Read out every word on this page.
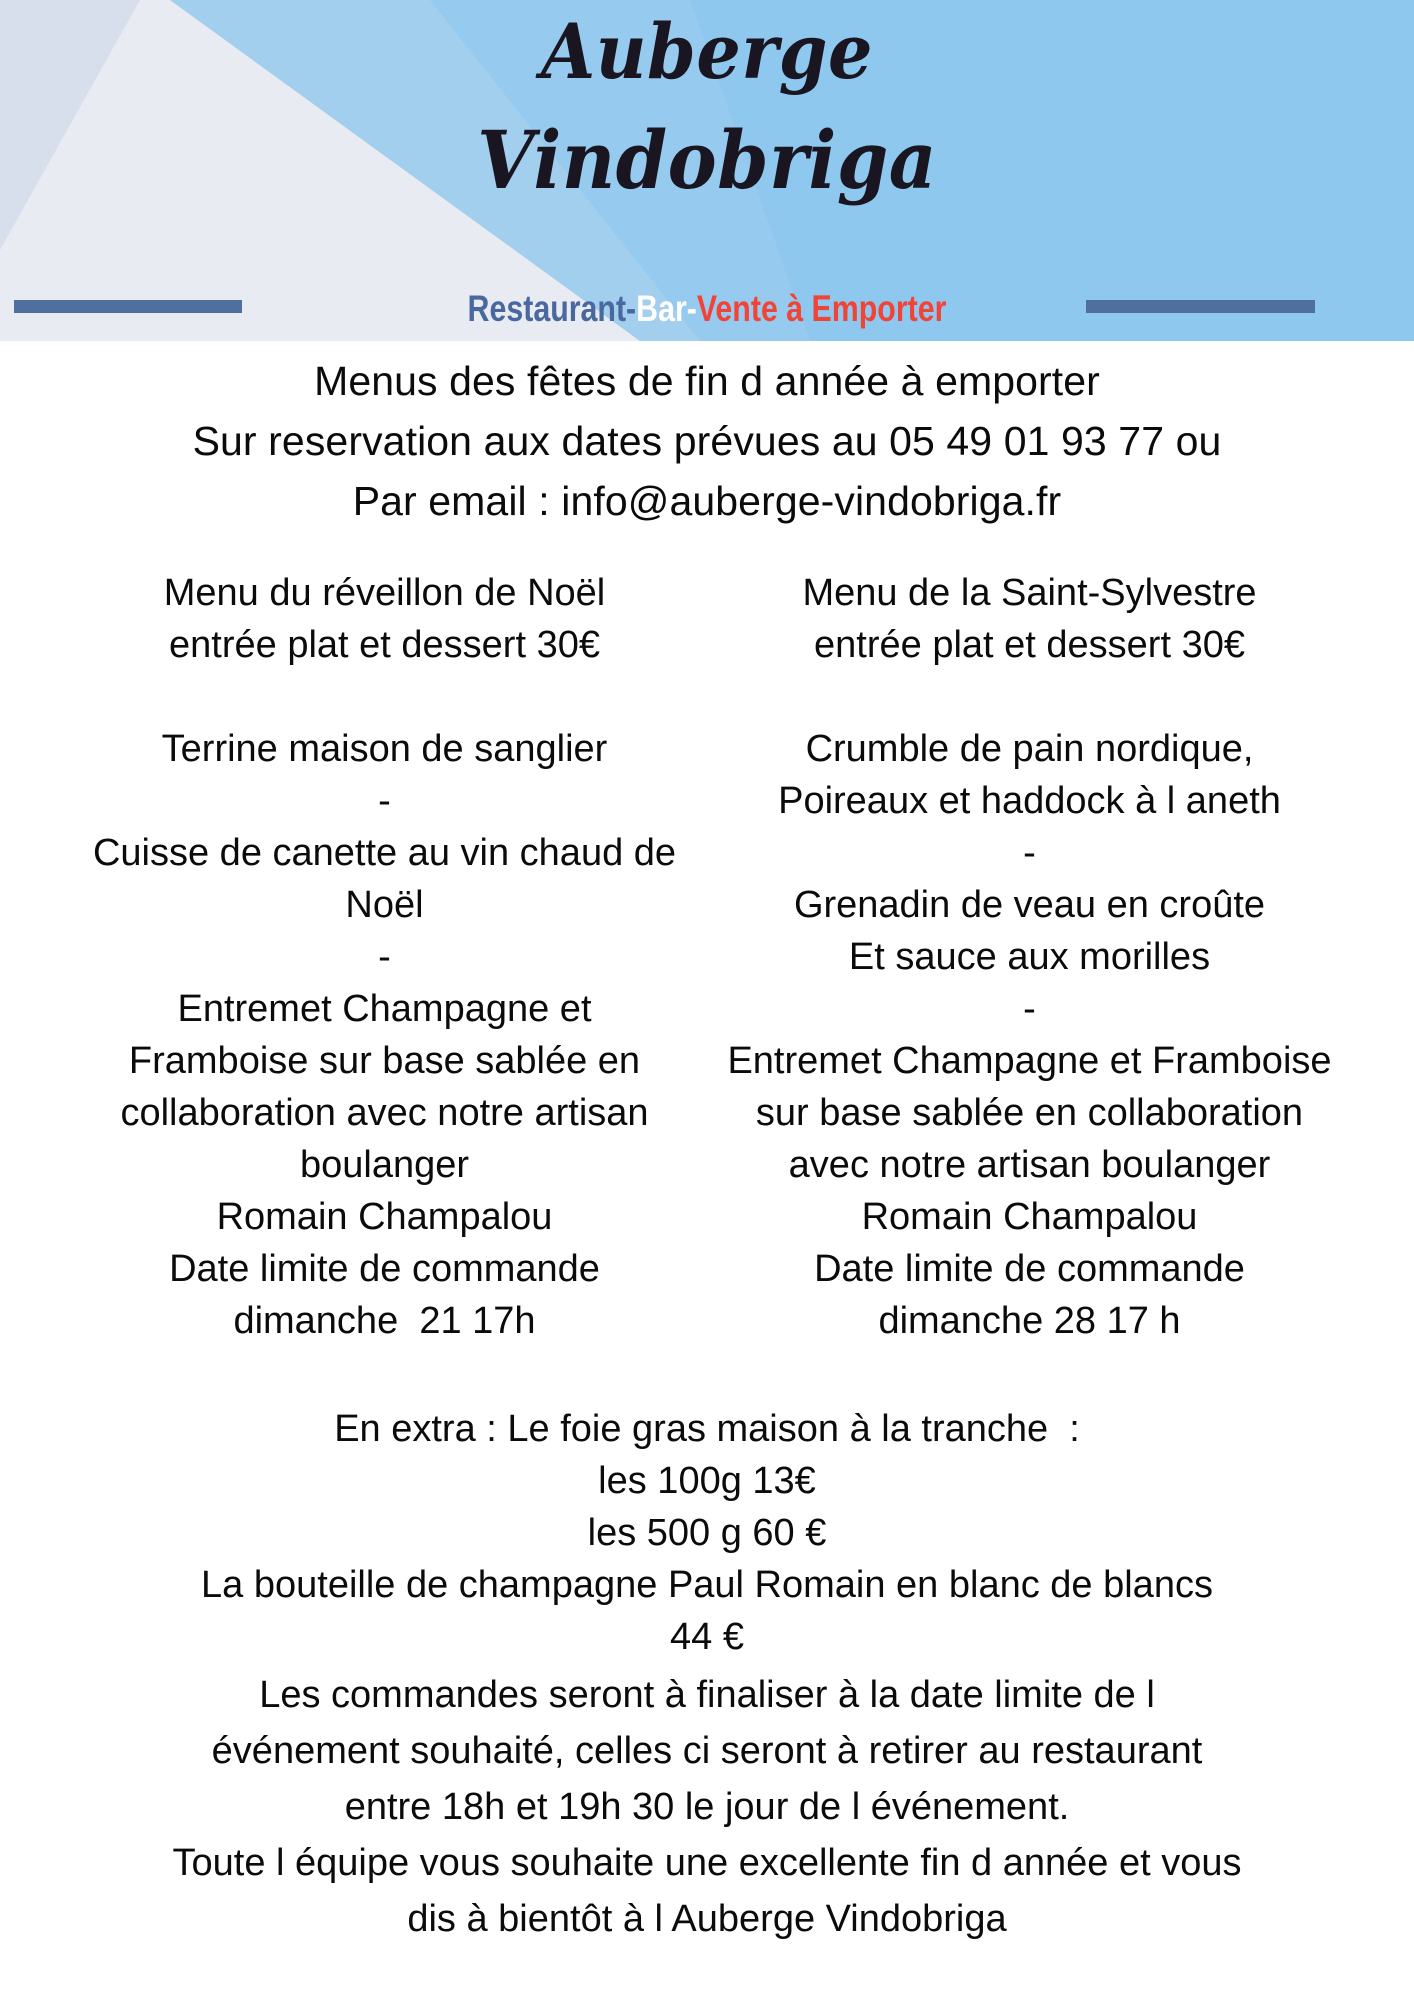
Auberge
Vindobriga
Restaurant-Bar-Vente à Emporter
Menus des fêtes de fin d année à emporter
Sur reservation aux dates prévues au 05 49 01 93 77 ou
Par email : info@auberge-vindobriga.fr
Menu du réveillon de Noël
entrée plat et dessert 30€
Terrine maison de sanglier
-
Cuisse de canette au vin chaud de
Noël
-
Entremet Champagne et
Framboise sur base sablée en
collaboration avec notre artisan
boulanger
Romain Champalou
Date limite de commande
dimanche  21 17h
Menu de la Saint-Sylvestre
entrée plat et dessert 30€
Crumble de pain nordique,
Poireaux et haddock à l aneth
-
Grenadin de veau en croûte
Et sauce aux morilles
-
Entremet Champagne et Framboise
sur base sablée en collaboration
avec notre artisan boulanger
Romain Champalou
Date limite de commande
dimanche 28 17 h
En extra : Le foie gras maison à la tranche  :
les 100g 13€
les 500 g 60 €
La bouteille de champagne Paul Romain en blanc de blancs
44 €
Les commandes seront à finaliser à la date limite de l
événement souhaité, celles ci seront à retirer au restaurant
entre 18h et 19h 30 le jour de l événement.
Toute l équipe vous souhaite une excellente fin d année et vous
dis à bientôt à l Auberge Vindobriga
